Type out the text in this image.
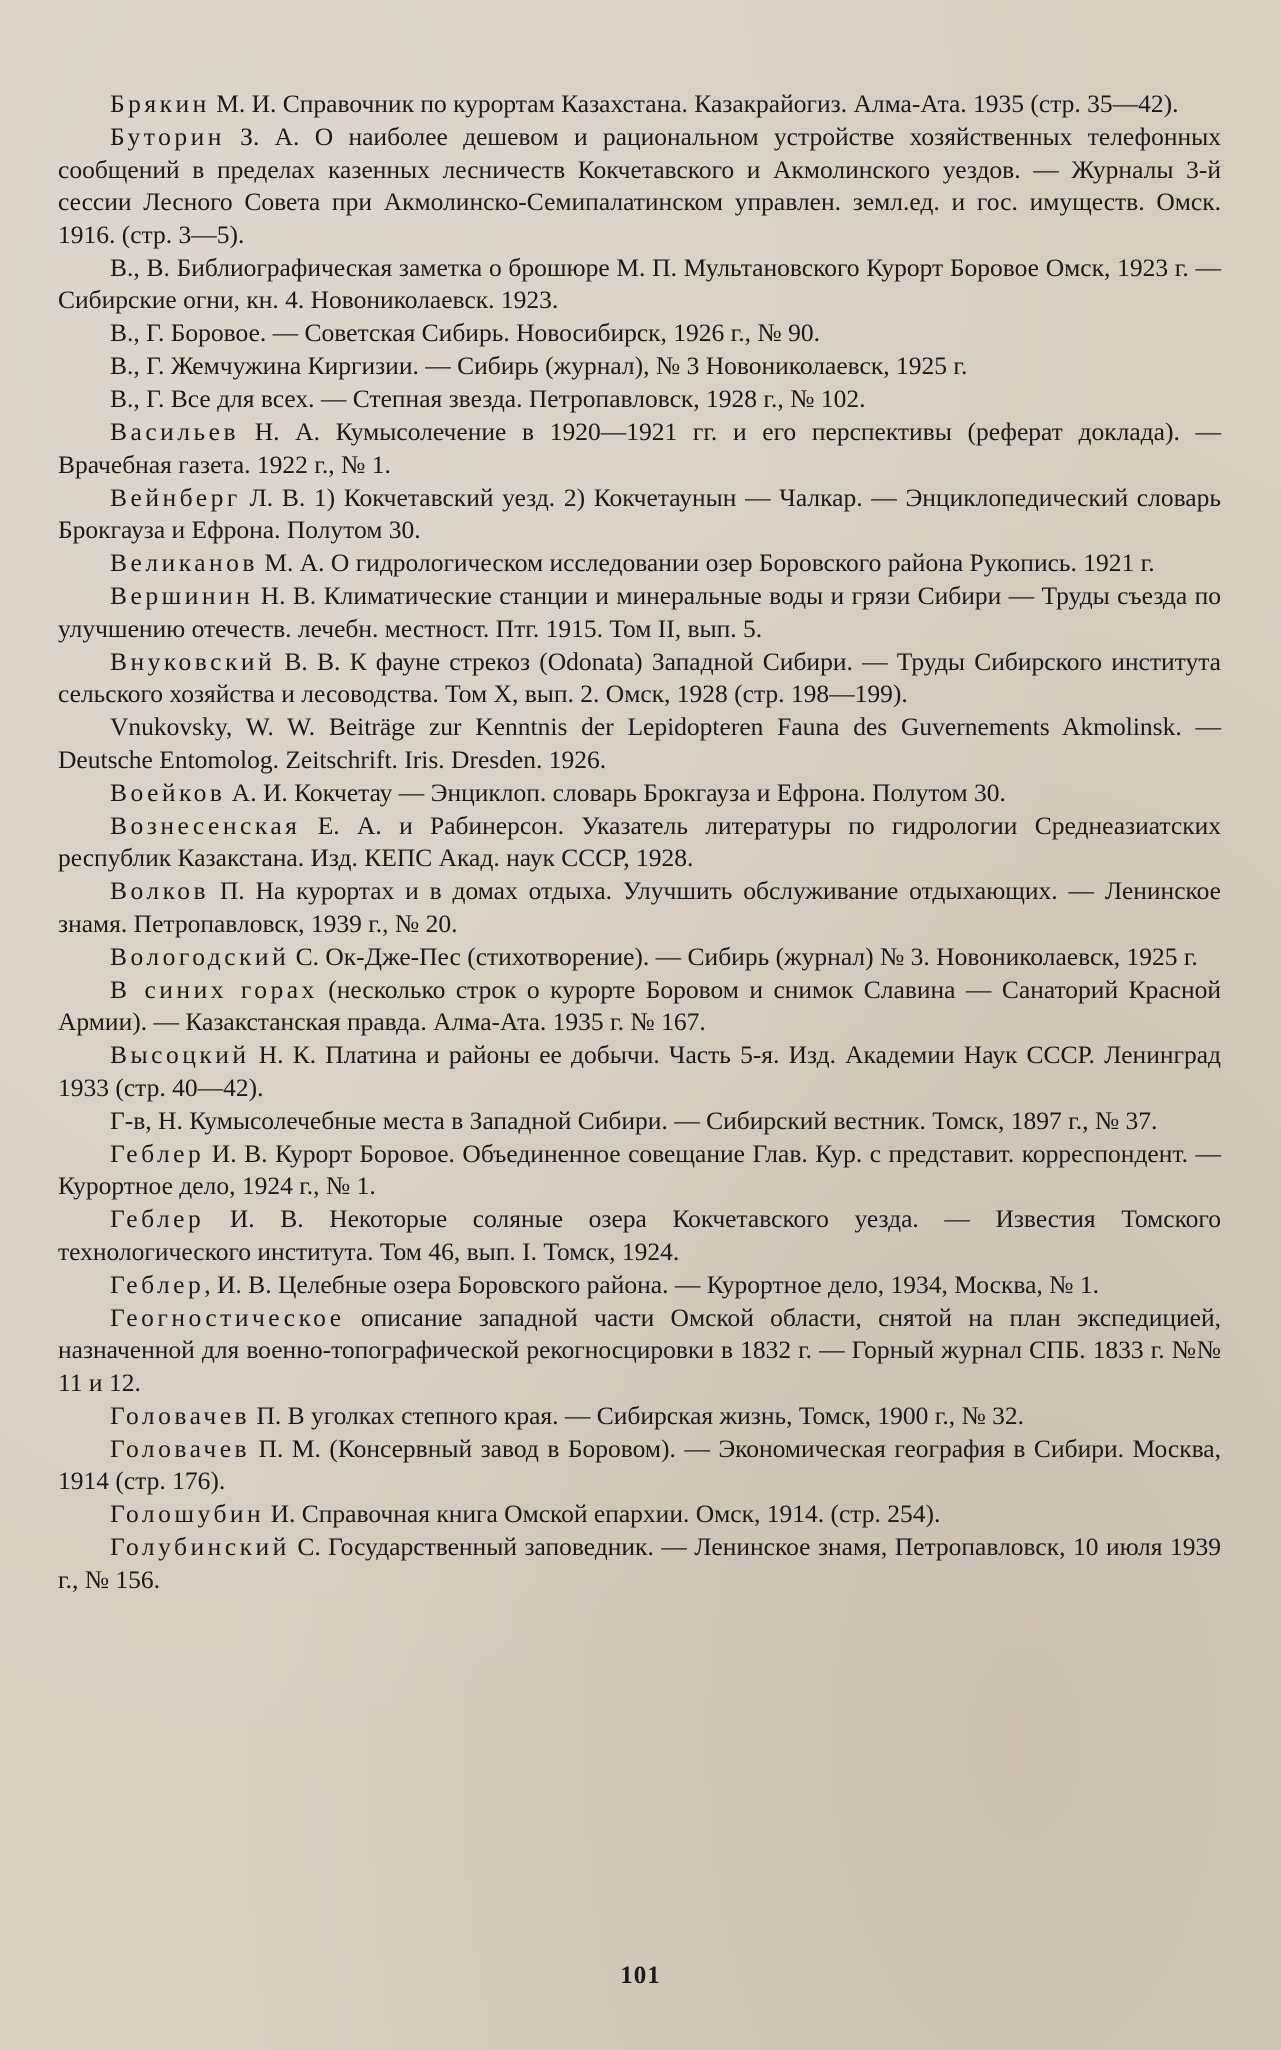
Брякин М. И. Справочник по курортам Казахстана. Казакрайогиз. Алма-Ата. 1935 (стр. 35—42).

Буторин З. А. О наиболее дешевом и рациональном устройстве хозяйственных телефонных сообщений в пределах казенных лесничеств Кокчетавского и Акмолинского уездов. — Журналы 3-й сессии Лесного Совета при Акмолинско-Семипалатинском управлен. земл.ед. и гос. имуществ. Омск. 1916. (стр. 3—5).

В., В. Библиографическая заметка о брошюре М. П. Мультановского Курорт Боровое Омск, 1923 г. — Сибирские огни, кн. 4. Новониколаевск. 1923.

В., Г. Боровое. — Советская Сибирь. Новосибирск, 1926 г., № 90.

В., Г. Жемчужина Киргизии. — Сибирь (журнал), № 3 Новониколаевск, 1925 г.

В., Г. Все для всех. — Степная звезда. Петропавловск, 1928 г., № 102.

Васильев Н. А. Кумысолечение в 1920—1921 гг. и его перспективы (реферат доклада). — Врачебная газета. 1922 г., № 1.

Вейнберг Л. В. 1) Кокчетавский уезд. 2) Кокчетаунын — Чалкар. — Энциклопедический словарь Брокгауза и Ефрона. Полутом 30.

Великанов М. А. О гидрологическом исследовании озер Боровского района Рукопись. 1921 г.

Вершинин Н. В. Климатические станции и минеральные воды и грязи Сибири — Труды съезда по улучшению отечеств. лечебн. местност. Птг. 1915. Том II, вып. 5.

Внуковский В. В. К фауне стрекоз (Odonata) Западной Сибири. — Труды Сибирского института сельского хозяйства и лесоводства. Том X, вып. 2. Омск, 1928 (стр. 198—199).

Vnukovsky, W. W. Beiträge zur Kenntnis der Lepidopteren Fauna des Guvernements Akmolinsk. — Deutsche Entomolog. Zeitschrift. Iris. Dresden. 1926.

Воейков А. И. Кокчетау — Энциклоп. словарь Брокгауза и Ефрона. Полутом 30.

Вознесенская Е. А. и Рабинерсон. Указатель литературы по гидрологии Среднеазиатских республик Казакстана. Изд. КЕПС Акад. наук СССР, 1928.

Волков П. На курортах и в домах отдыха. Улучшить обслуживание отдыхающих. — Ленинское знамя. Петропавловск, 1939 г., № 20.

Вологодский С. Ок-Дже-Пес (стихотворение). — Сибирь (журнал) № 3. Новониколаевск, 1925 г.

В синих горах (несколько строк о курорте Боровом и снимок Славина — Санаторий Красной Армии). — Казакстанская правда. Алма-Ата. 1935 г. № 167.

Высоцкий Н. К. Платина и районы ее добычи. Часть 5-я. Изд. Академии Наук СССР. Ленинград 1933 (стр. 40—42).

Г-в, Н. Кумысолечебные места в Западной Сибири. — Сибирский вестник. Томск, 1897 г., № 37.

Геблер И. В. Курорт Боровое. Объединенное совещание Глав. Кур. с представит. корреспондент. — Курортное дело, 1924 г., № 1.

Геблер И. В. Некоторые соляные озера Кокчетавского уезда. — Известия Томского технологического института. Том 46, вып. I. Томск, 1924.

Геблер, И. В. Целебные озера Боровского района. — Курортное дело, 1934, Москва, № 1.

Геогностическое описание западной части Омской области, снятой на план экспедицией, назначенной для военно-топографической рекогносцировки в 1832 г. — Горный журнал СПБ. 1833 г. №№ 11 и 12.

Головачев П. В уголках степного края. — Сибирская жизнь, Томск, 1900 г., № 32.

Головачев П. М. (Консервный завод в Боровом). — Экономическая география в Сибири. Москва, 1914 (стр. 176).

Голошубин И. Справочная книга Омской епархии. Омск, 1914. (стр. 254).

Голубинский С. Государственный заповедник. — Ленинское знамя, Петропавловск, 10 июля 1939 г., № 156.

101
